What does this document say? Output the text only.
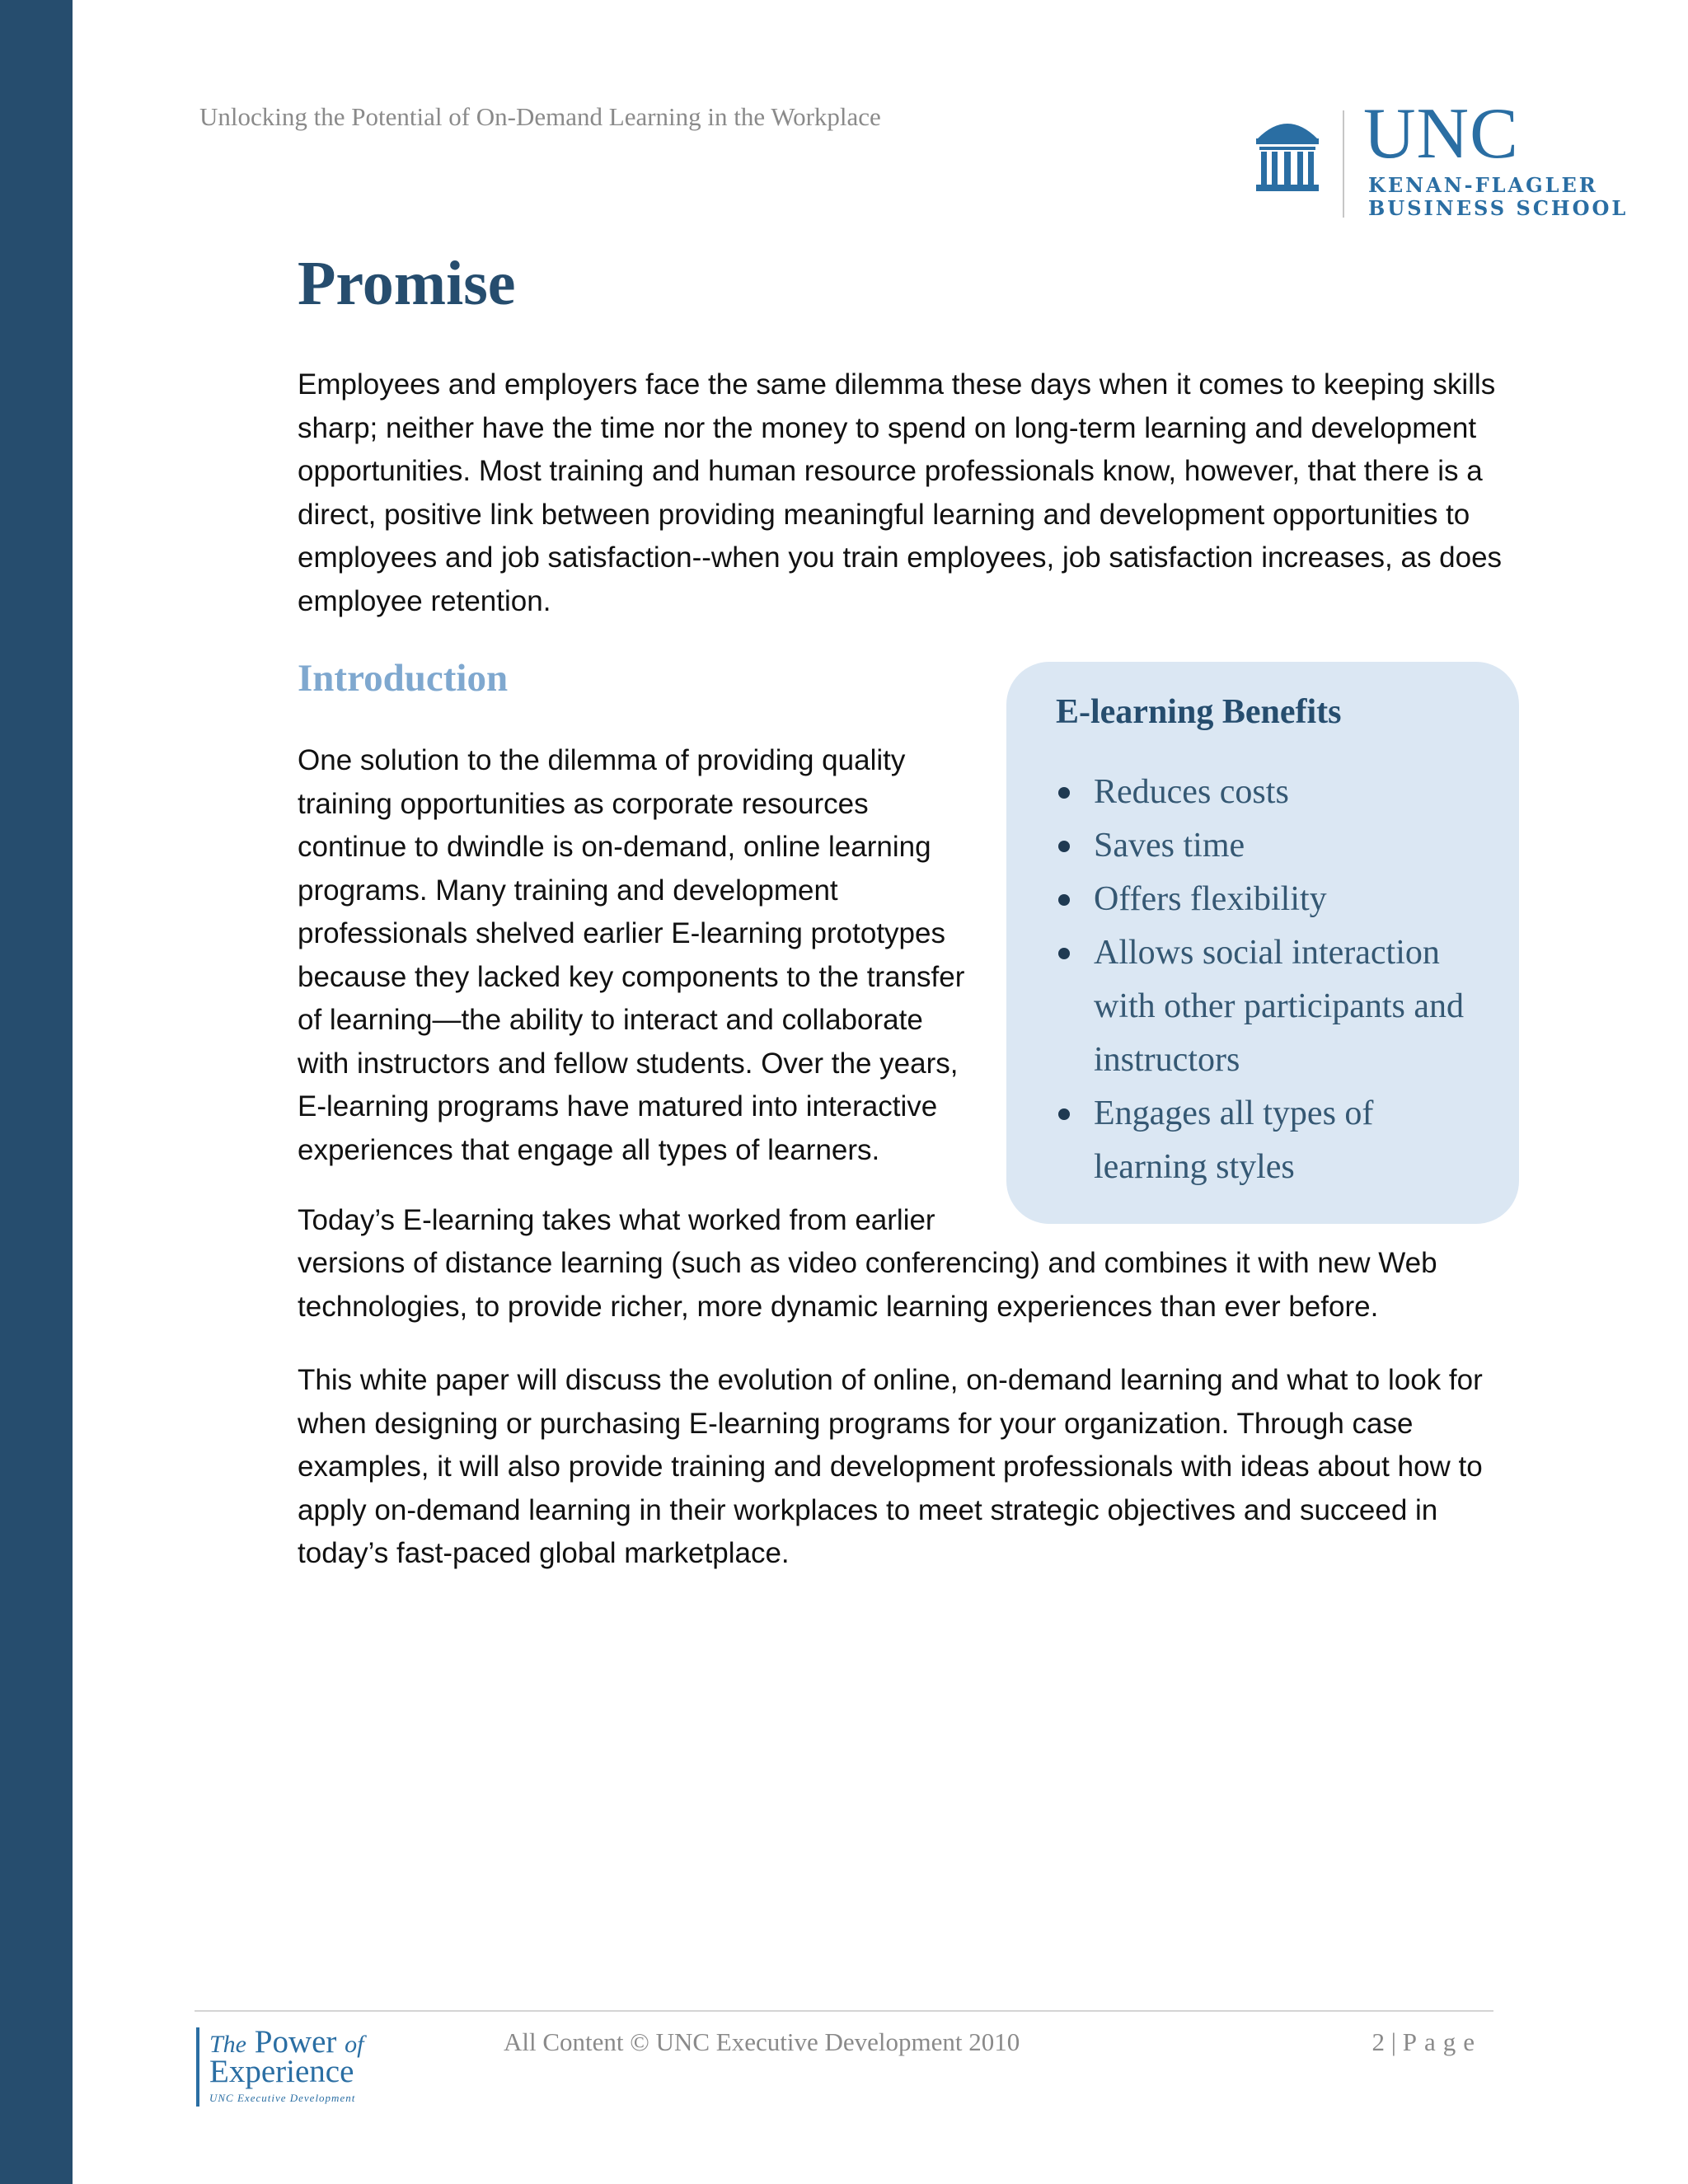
Unlocking the Potential of On-Demand Learning in the Workplace	UNC
KENAN-FLAGLER
BUSINESS SCHOOL
Promise

Employees and employers face the same dilemma these days when it comes to keeping skills sharp; neither have the time nor the money to spend on long-term learning and development opportunities. Most training and human resource professionals know, however, that there is a direct, positive link between providing meaningful learning and development opportunities to employees and job satisfaction--when you train employees, job satisfaction increases, as does employee retention.

Introduction

One solution to the dilemma of providing quality training opportunities as corporate resources continue to dwindle is on-demand, online learning programs. Many training and development professionals shelved earlier E-learning prototypes because they lacked key components to the transfer of learning—the ability to interact and collaborate with instructors and fellow students. Over the years, E-learning programs have matured into interactive experiences that engage all types of learners.

E-learning Benefits
Reduces costs
Saves time
Offers flexibility
Allows social interaction with other participants and instructors
Engages all types of learning styles

Today’s E-learning takes what worked from earlier

versions of distance learning (such as video conferencing) and combines it with new Web technologies, to provide richer, more dynamic learning experiences than ever before.

This white paper will discuss the evolution of online, on-demand learning and what to look for when designing or purchasing E-learning programs for your organization. Through case examples, it will also provide training and development professionals with ideas about how to apply on-demand learning in their workplaces to meet strategic objectives and succeed in today’s fast-paced global marketplace.

The Power of
Experience
UNC Executive Development
All Content © UNC Executive Development 2010	2 | Page
